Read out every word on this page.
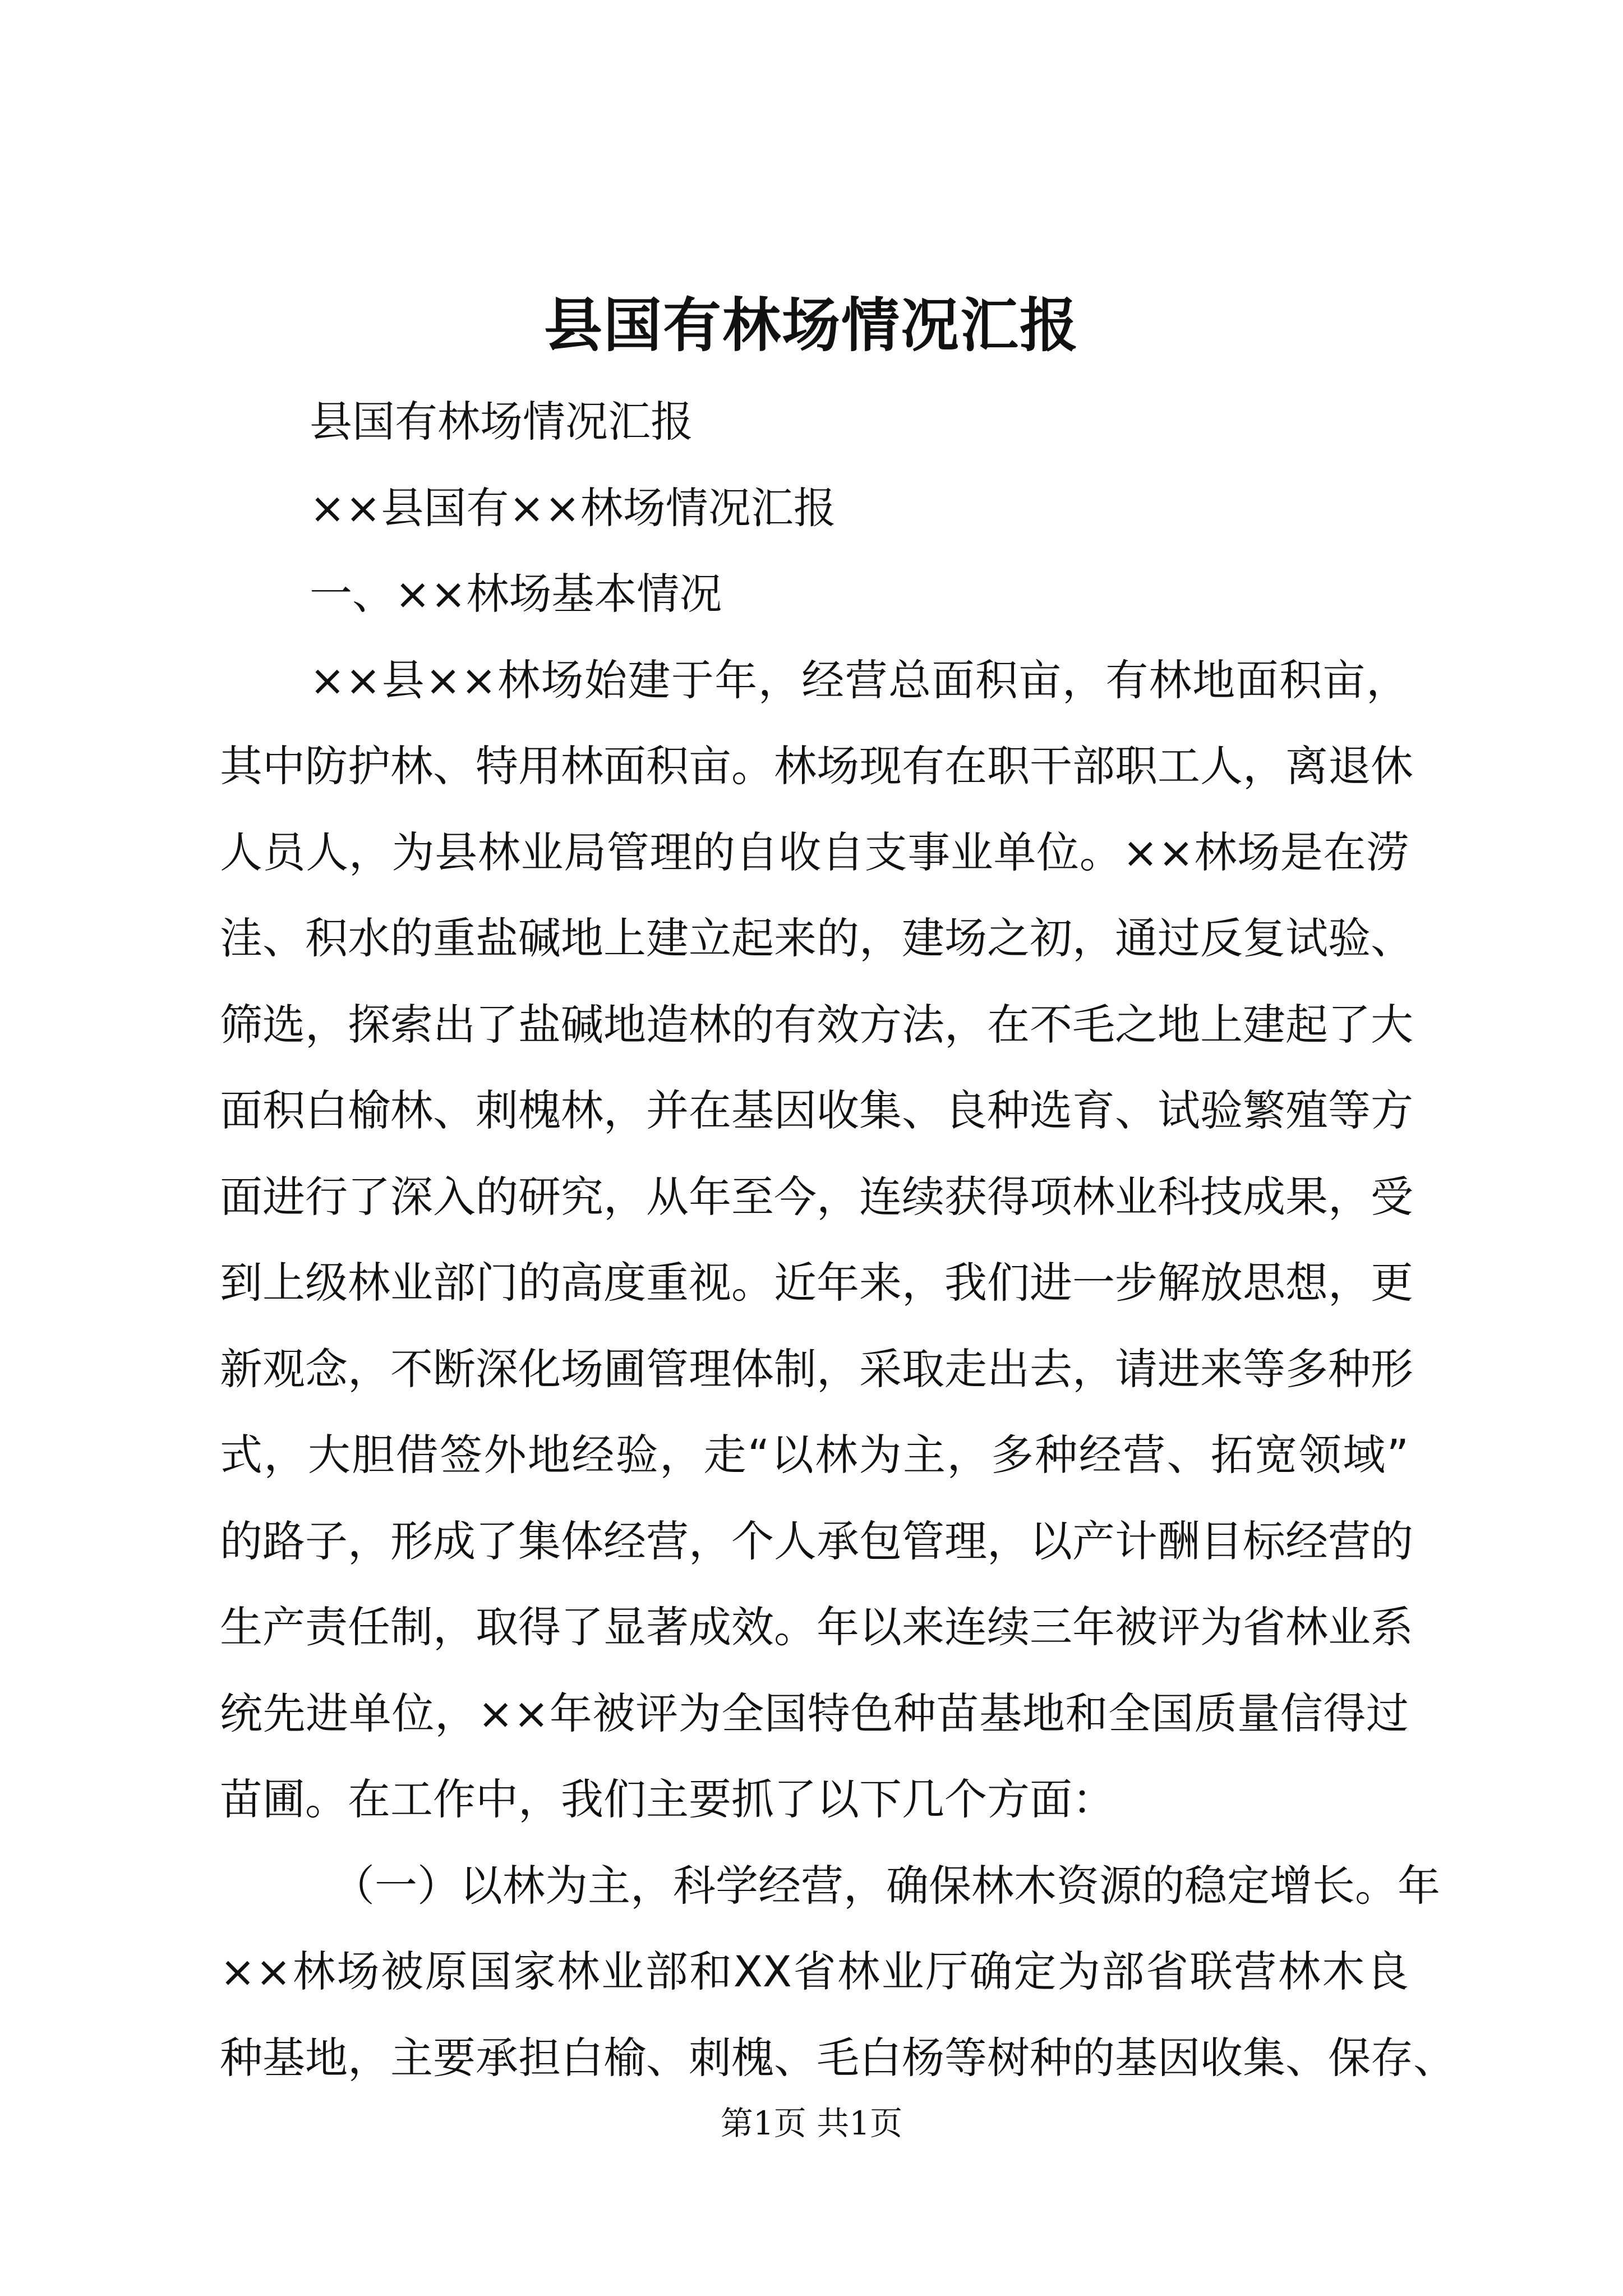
县国有林场情况汇报
县国有林场情况汇报
××县国有××林场情况汇报
一、××林场基本情况
××县××林场始建于年，经营总面积亩，有林地面积亩，
其中防护林、特用林面积亩。林场现有在职干部职工人，离退休
人员人，为县林业局管理的自收自支事业单位。××林场是在涝
洼、积水的重盐碱地上建立起来的，建场之初，通过反复试验、
筛选，探索出了盐碱地造林的有效方法，在不毛之地上建起了大
面积白榆林、刺槐林，并在基因收集、良种选育、试验繁殖等方
面进行了深入的研究，从年至今，连续获得项林业科技成果，受
到上级林业部门的高度重视。近年来，我们进一步解放思想，更
新观念，不断深化场圃管理体制，采取走出去，请进来等多种形
式，大胆借签外地经验，走“以林为主，多种经营、拓宽领域”
的路子，形成了集体经营，个人承包管理，以产计酬目标经营的
生产责任制，取得了显著成效。年以来连续三年被评为省林业系
统先进单位，××年被评为全国特色种苗基地和全国质量信得过
苗圃。在工作中，我们主要抓了以下几个方面：
（一）以林为主，科学经营，确保林木资源的稳定增长。年
××林场被原国家林业部和XX省林业厅确定为部省联营林木良
种基地，主要承担白榆、刺槐、毛白杨等树种的基因收集、保存、
第1页 共1页
